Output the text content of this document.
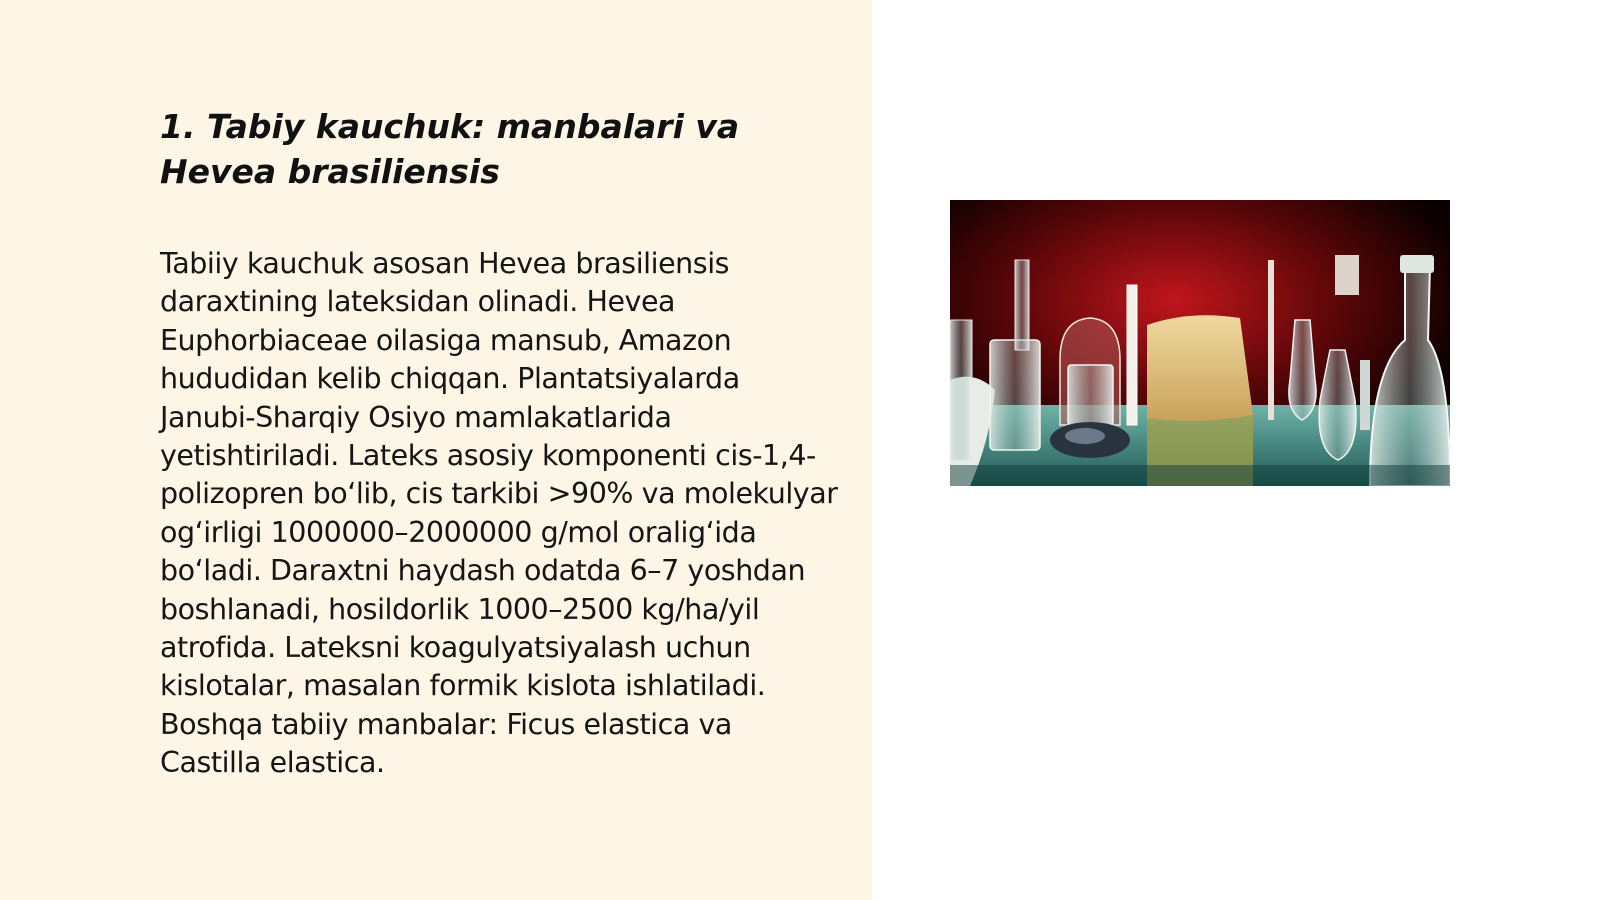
1. Tabiy kauchuk: manbalari va Hevea brasiliensis

Tabiiy kauchuk asosan Hevea brasiliensis daraxtining lateksidan olinadi. Hevea Euphorbiaceae oilasiga mansub, Amazon hududidan kelib chiqqan. Plantatsiyalarda Janubi-Sharqiy Osiyo mamlakatlarida yetishtiriladi. Lateks asosiy komponenti cis-1,4-polizopren bo‘lib, cis tarkibi >90% va molekulyar og‘irligi 1000000–2000000 g/mol oralig‘ida bo‘ladi. Daraxtni haydash odatda 6–7 yoshdan boshlanadi, hosildorlik 1000–2500 kg/ha/yil atrofida. Lateksni koagulyatsiyalash uchun kislotalar, masalan formik kislota ishlatiladi. Boshqa tabiiy manbalar: Ficus elastica va Castilla elastica.
